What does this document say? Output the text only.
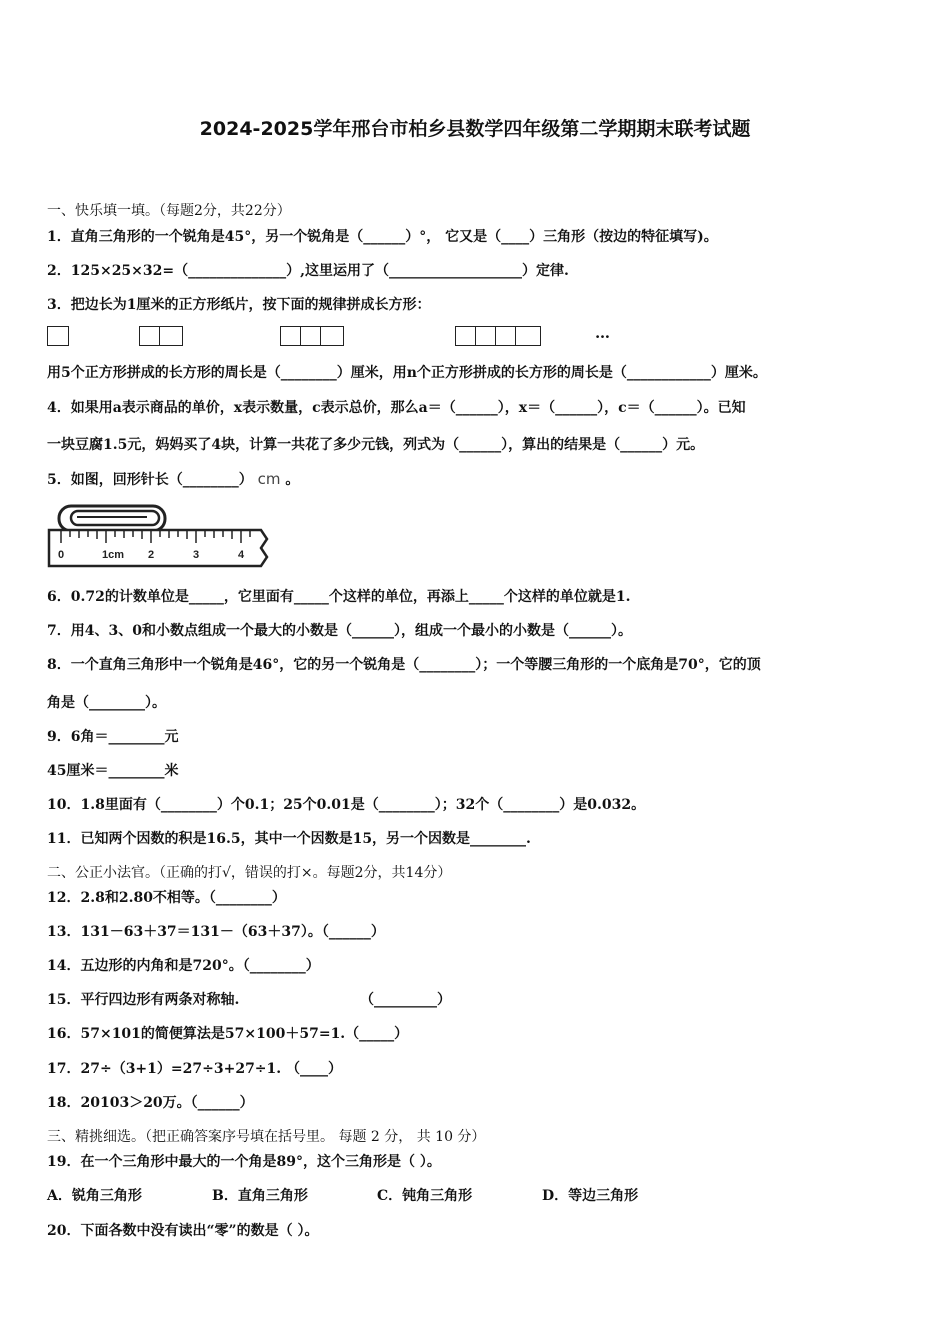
2024-2025学年邢台市柏乡县数学四年级第二学期期末联考试题
一、快乐填一填。（每题2分，共22分）
1．直角三角形的一个锐角是45°，另一个锐角是（______）°， 它又是（____）三角形（按边的特征填写)。
2．125×25×32=（______________）,这里运用了（___________________）定律.
3．把边长为1厘米的正方形纸片，按下面的规律拼成长方形：
…
用5个正方形拼成的长方形的周长是（________）厘米，用n个正方形拼成的长方形的周长是（____________）厘米。
4．如果用a表示商品的单价，x表示数量，c表示总价，那么a＝（______），x＝（______），c＝（______）。已知
一块豆腐1.5元，妈妈买了4块，计算一共花了多少元钱，列式为（______），算出的结果是（______）元。
5．如图，回形针长（________） cm 。
0	1cm 2	3	4
6．0.72的计数单位是_____，它里面有_____个这样的单位，再添上_____个这样的单位就是1.
7．用4、3、0和小数点组成一个最大的小数是（______），组成一个最小的小数是（______）。
8．一个直角三角形中一个锐角是46°，它的另一个锐角是（________）；一个等腰三角形的一个底角是70°，它的顶
角是（________）。
9．6角＝________元
45厘米＝________米
10．1.8里面有（________）个0.1；25个0.01是（________）；32个（________）是0.032。
11．已知两个因数的积是16.5，其中一个因数是15，另一个因数是________.
二、公正小法官。（正确的打√，错误的打×。每题2分，共14分）
12．2.8和2.80不相等。（________）
13．131－63＋37＝131－（63＋37）。（______）
14．五边形的内角和是720°。（________）
15．平行四边形有两条对称轴.	（_________）
16．57×101的简便算法是57×100＋57=1.（_____）
17．27÷（3+1）=27÷3+27÷1. （____）
18．20103＞20万。（______）
三、精挑细选。（把正确答案序号填在括号里。 每题 2 分， 共 10 分）
19．在一个三角形中最大的一个角是89°，这个三角形是（ ）。
A．锐角三角形	B．直角三角形	C．钝角三角形	D．等边三角形
20．下面各数中没有读出“零”的数是（ ）。
